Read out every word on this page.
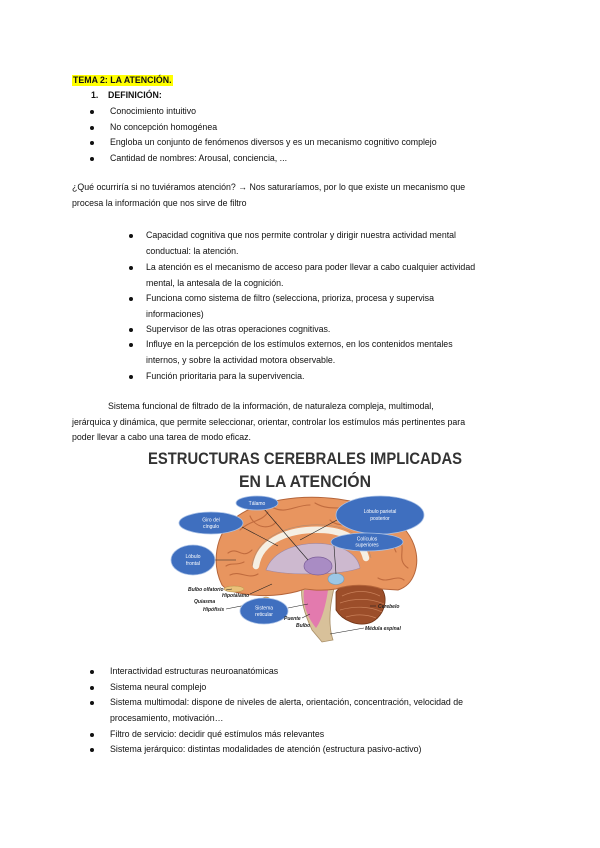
TEMA 2: LA ATENCIÓN.
1. DEFINICIÓN:
Conocimiento intuitivo
No concepción homogénea
Engloba un conjunto de fenómenos diversos y es un mecanismo cognitivo complejo
Cantidad de nombres: Arousal, conciencia, ...
¿Qué ocurriría si no tuviéramos atención? → Nos saturaríamos, por lo que existe un mecanismo que
procesa la información que nos sirve de filtro
Capacidad cognitiva que nos permite controlar y dirigir nuestra actividad mental
conductual: la atención.
La atención es el mecanismo de acceso para poder llevar a cabo cualquier actividad
mental, la antesala de la cognición.
Funciona como sistema de filtro (selecciona, prioriza, procesa y supervisa
informaciones)
Supervisor de las otras operaciones cognitivas.
Influye en la percepción de los estímulos externos, en los contenidos mentales
internos, y sobre la actividad motora observable.
Función prioritaria para la supervivencia.
Sistema funcional de filtrado de la información, de naturaleza compleja, multimodal,
jerárquica y dinámica, que permite seleccionar, orientar, controlar los estímulos más pertinentes para
poder llevar a cabo una tarea de modo eficaz.
ESTRUCTURAS CEREBRALES IMPLICADAS
EN LA ATENCIÓN
Tálamo
Lóbulo parietal
posterior
Giro del
cíngulo
Lóbulo
frontal
Colículos
superiores
Sistema
reticular
Bulbo olfatorio
Hipotálamo
Quiasma
Hipófisis
Puente
Bulbo
Cerebelo
Médula espinal
Interactividad estructuras neuroanatómicas
Sistema neural complejo
Sistema multimodal: dispone de niveles de alerta, orientación, concentración, velocidad de
procesamiento, motivación…
Filtro de servicio: decidir qué estímulos más relevantes
Sistema jerárquico: distintas modalidades de atención (estructura pasivo-activo)
